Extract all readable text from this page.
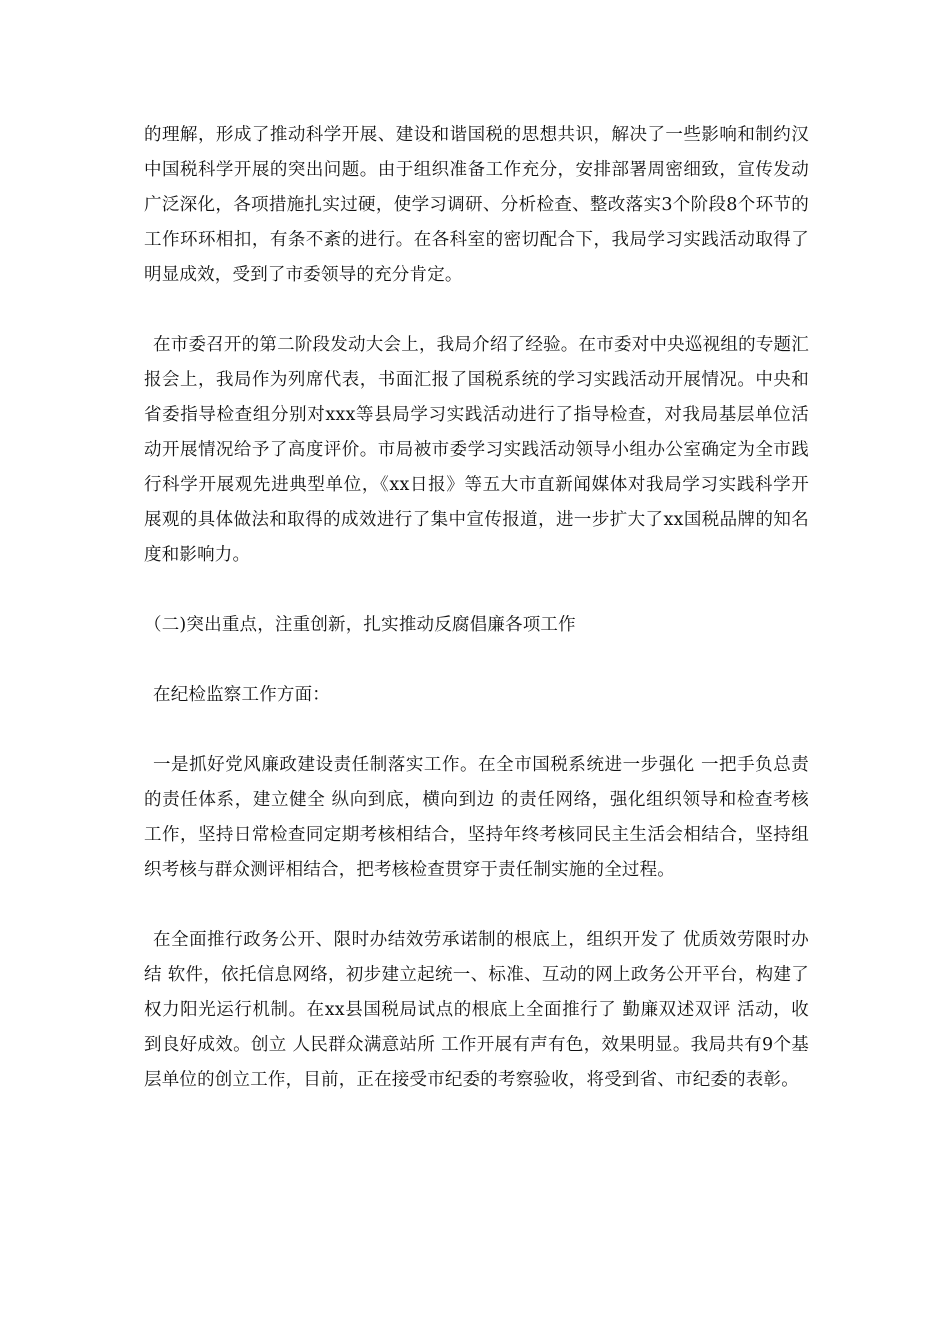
的理解，形成了推动科学开展、建设和谐国税的思想共识，解决了一些影响和制约汉中国税科学开展的突出问题。由于组织准备工作充分，安排部署周密细致，宣传发动广泛深化，各项措施扎实过硬，使学习调研、分析检查、整改落实3个阶段8个环节的工作环环相扣，有条不紊的进行。在各科室的密切配合下，我局学习实践活动取得了明显成效，受到了市委领导的充分肯定。

在市委召开的第二阶段发动大会上，我局介绍了经验。在市委对中央巡视组的专题汇报会上，我局作为列席代表，书面汇报了国税系统的学习实践活动开展情况。中央和省委指导检查组分别对xxx等县局学习实践活动进行了指导检查，对我局基层单位活动开展情况给予了高度评价。市局被市委学习实践活动领导小组办公室确定为全市践行科学开展观先进典型单位，《xx日报》等五大市直新闻媒体对我局学习实践科学开展观的具体做法和取得的成效进行了集中宣传报道，进一步扩大了xx国税品牌的知名度和影响力。

（二)突出重点，注重创新，扎实推动反腐倡廉各项工作

在纪检监察工作方面：

一是抓好党风廉政建设责任制落实工作。在全市国税系统进一步强化 一把手负总责的责任体系，建立健全 纵向到底，横向到边 的责任网络，强化组织领导和检查考核工作，坚持日常检查同定期考核相结合，坚持年终考核同民主生活会相结合，坚持组织考核与群众测评相结合，把考核检查贯穿于责任制实施的全过程。

在全面推行政务公开、限时办结效劳承诺制的根底上，组织开发了 优质效劳限时办结 软件，依托信息网络，初步建立起统一、标准、互动的网上政务公开平台，构建了权力阳光运行机制。在xx县国税局试点的根底上全面推行了 勤廉双述双评 活动，收到良好成效。创立 人民群众满意站所 工作开展有声有色，效果明显。我局共有9个基层单位的创立工作，目前，正在接受市纪委的考察验收，将受到省、市纪委的表彰。
